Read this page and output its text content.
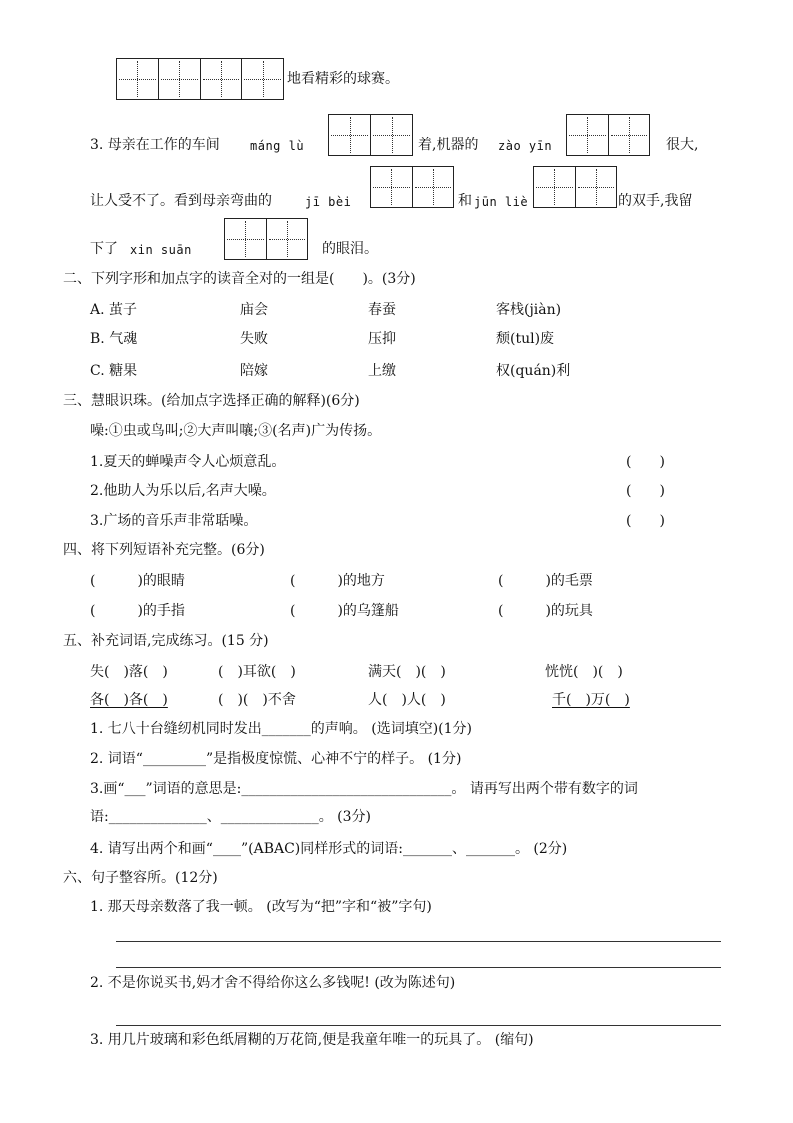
地看精彩的球赛。
3. 母亲在工作的车间	máng lù	着,机器的 zào yīn	很大,
让人受不了。看到母亲弯曲的	jī bèi	和 jūn liè	的双手,我留
下了 xin suān	的眼泪。
二、下列字形和加点字的读音全对的一组是(　　)。(3分)
A. 茧子	庙会	春蚕	客栈(jiàn)
B. 气魂	失败	压抑	颓(tul)废
C. 糖果	陪嫁	上缴	权(quán)利
三、慧眼识珠。(给加点字选择正确的解释)(6分)
噪:①虫或鸟叫;②大声叫嚷;③(名声)广为传扬。
1.夏天的蝉噪声令人心烦意乱。	(　　)
2.他助人为乐以后,名声大噪。	(　　)
3.广场的音乐声非常聒噪。	(　　)
四、将下列短语补充完整。(6分)
(　　　)的眼睛	(　　　)的地方	(　　　)的毛票
(　　　)的手指	(　　　)的乌篷船	(　　　)的玩具
五、补充词语,完成练习。(15 分)
失(　)落(　)	(　)耳欲(　)	满天(　)(　)	恍恍(　)(　)
各(　)各(　)	(　)(　)不舍	人(　)人(　)	千(　)万(　)
1. 七八十台缝纫机同时发出_______的声响。 (选词填空)(1分)
2. 词语“_________”是指极度惊慌、心神不宁的样子。 (1分)
3.画“___”词语的意思是:______________________________。 请再写出两个带有数字的词
语:______________、______________。 (3分)
4. 请写出两个和画“____”(ABAC)同样形式的词语:_______、_______。 (2分)
六、句子整容所。(12分)
1. 那天母亲数落了我一顿。 (改写为“把”字和“被”字句)
2. 不是你说买书,妈才舍不得给你这么多钱呢! (改为陈述句)
3. 用几片玻璃和彩色纸屑糊的万花筒,便是我童年唯一的玩具了。 (缩句)
